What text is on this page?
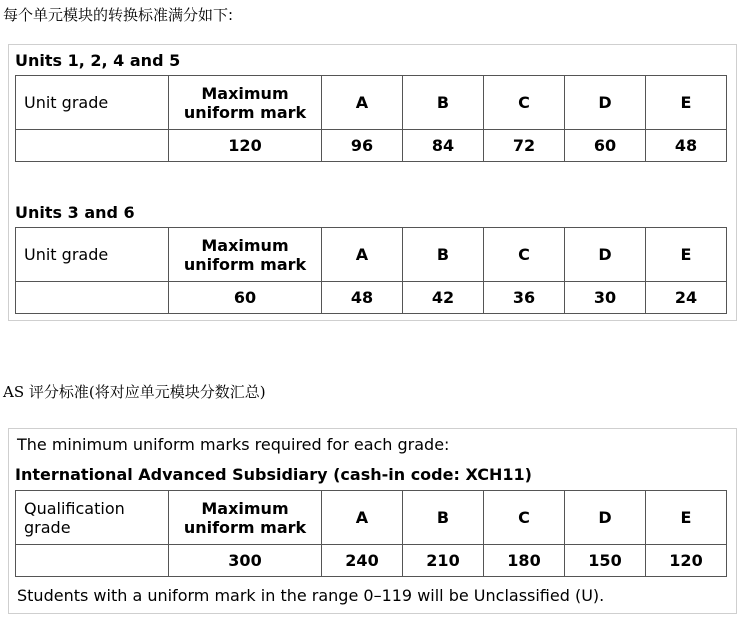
每个单元模块的转换标准满分如下:
Units 1, 2, 4 and 5
Unit grade	Maximum uniform mark	A	B	C	D	E
	120	96	84	72	60	48
Units 3 and 6
Unit grade	Maximum uniform mark	A	B	C	D	E
	60	48	42	36	30	24
AS 评分标准(将对应单元模块分数汇总)
The minimum uniform marks required for each grade:
International Advanced Subsidiary (cash-in code: XCH11)
Qualification grade	Maximum uniform mark	A	B	C	D	E
	300	240	210	180	150	120
Students with a uniform mark in the range 0–119 will be Unclassified (U).
